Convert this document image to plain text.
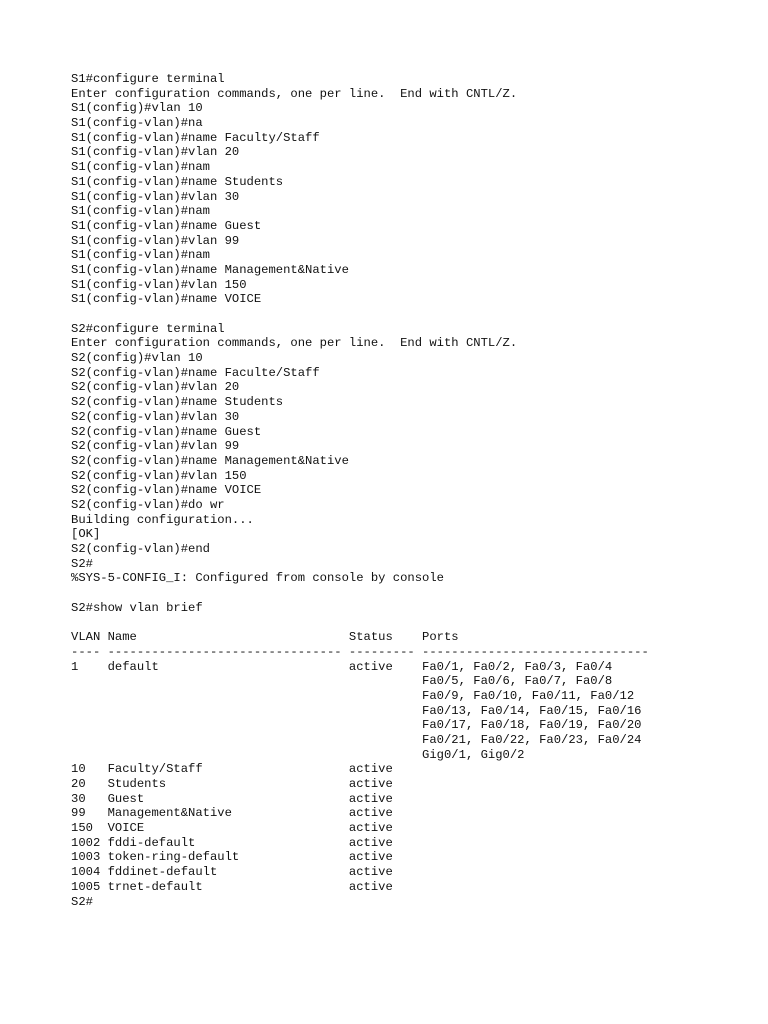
S1#configure terminal
Enter configuration commands, one per line.  End with CNTL/Z.
S1(config)#vlan 10
S1(config-vlan)#na
S1(config-vlan)#name Faculty/Staff
S1(config-vlan)#vlan 20
S1(config-vlan)#nam
S1(config-vlan)#name Students
S1(config-vlan)#vlan 30
S1(config-vlan)#nam
S1(config-vlan)#name Guest
S1(config-vlan)#vlan 99
S1(config-vlan)#nam
S1(config-vlan)#name Management&Native
S1(config-vlan)#vlan 150
S1(config-vlan)#name VOICE
S2#configure terminal
Enter configuration commands, one per line.  End with CNTL/Z.
S2(config)#vlan 10
S2(config-vlan)#name Faculte/Staff
S2(config-vlan)#vlan 20
S2(config-vlan)#name Students
S2(config-vlan)#vlan 30
S2(config-vlan)#name Guest
S2(config-vlan)#vlan 99
S2(config-vlan)#name Management&Native
S2(config-vlan)#vlan 150
S2(config-vlan)#name VOICE
S2(config-vlan)#do wr
Building configuration...
[OK]
S2(config-vlan)#end
S2#
%SYS-5-CONFIG_I: Configured from console by console
S2#show vlan brief
VLAN Name                             Status    Ports
---- -------------------------------- --------- -------------------------------
1    default                          active    Fa0/1, Fa0/2, Fa0/3, Fa0/4
Fa0/5, Fa0/6, Fa0/7, Fa0/8
Fa0/9, Fa0/10, Fa0/11, Fa0/12
Fa0/13, Fa0/14, Fa0/15, Fa0/16
Fa0/17, Fa0/18, Fa0/19, Fa0/20
Fa0/21, Fa0/22, Fa0/23, Fa0/24
Gig0/1, Gig0/2
10   Faculty/Staff                    active
20   Students                         active
30   Guest                            active
99   Management&Native                active
150  VOICE                            active
1002 fddi-default                     active
1003 token-ring-default               active
1004 fddinet-default                  active
1005 trnet-default                    active
S2#
